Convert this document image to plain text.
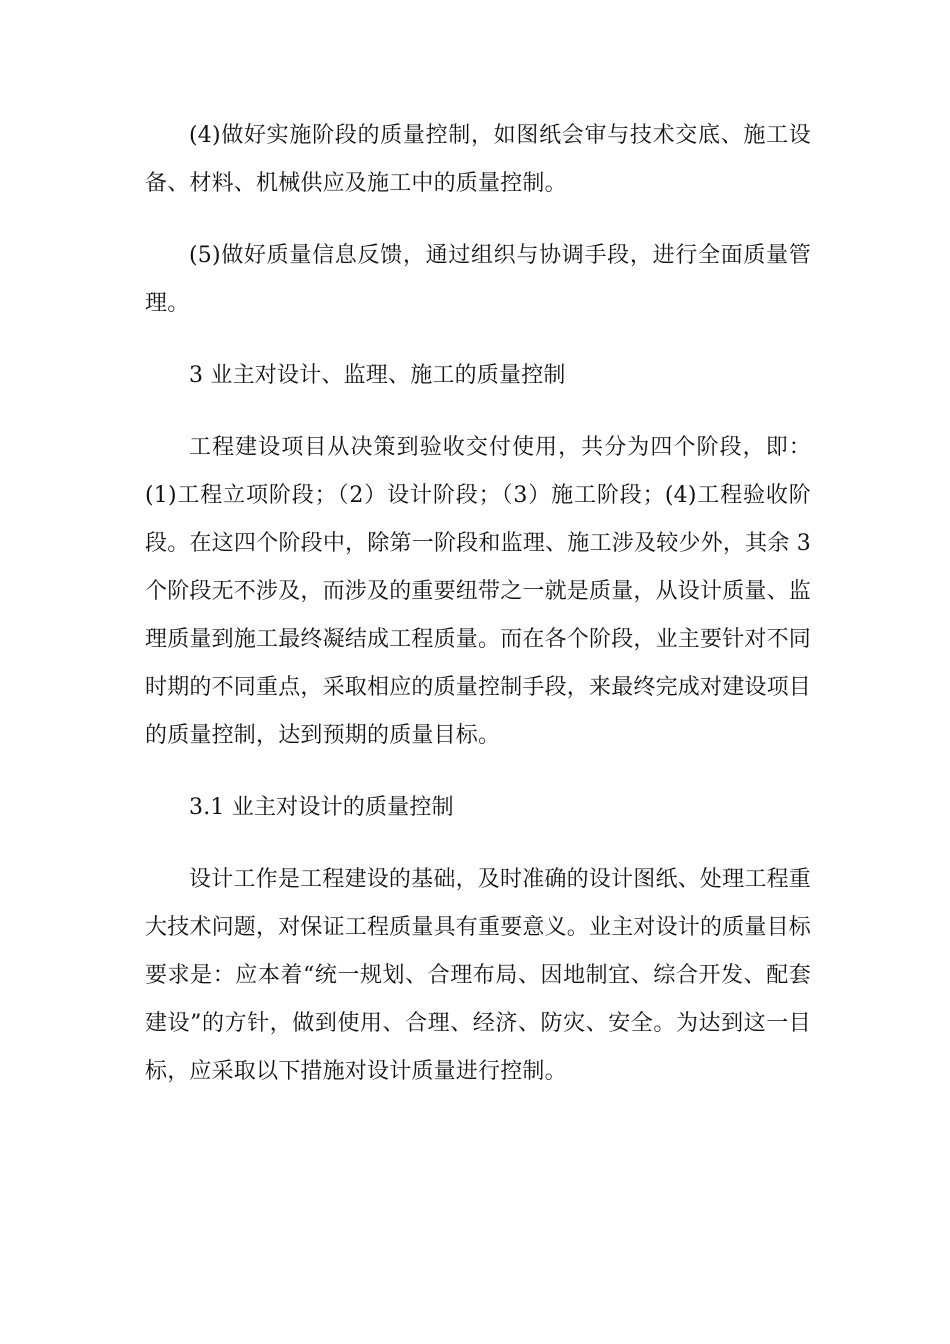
(4)做好实施阶段的质量控制，如图纸会审与技术交底、施工设备、材料、机械供应及施工中的质量控制。

(5)做好质量信息反馈，通过组织与协调手段，进行全面质量管理。

3 业主对设计、监理、施工的质量控制

工程建设项目从决策到验收交付使用，共分为四个阶段，即：(1)工程立项阶段；（2）设计阶段；（3）施工阶段；(4)工程验收阶段。在这四个阶段中，除第一阶段和监理、施工涉及较少外，其余 3 个阶段无不涉及，而涉及的重要纽带之一就是质量，从设计质量、监理质量到施工最终凝结成工程质量。而在各个阶段，业主要针对不同时期的不同重点，采取相应的质量控制手段，来最终完成对建设项目的质量控制，达到预期的质量目标。

3.1 业主对设计的质量控制

设计工作是工程建设的基础，及时准确的设计图纸、处理工程重大技术问题，对保证工程质量具有重要意义。业主对设计的质量目标要求是：应本着“统一规划、合理布局、因地制宜、综合开发、配套建设”的方针，做到使用、合理、经济、防灾、安全。为达到这一目标，应采取以下措施对设计质量进行控制。
